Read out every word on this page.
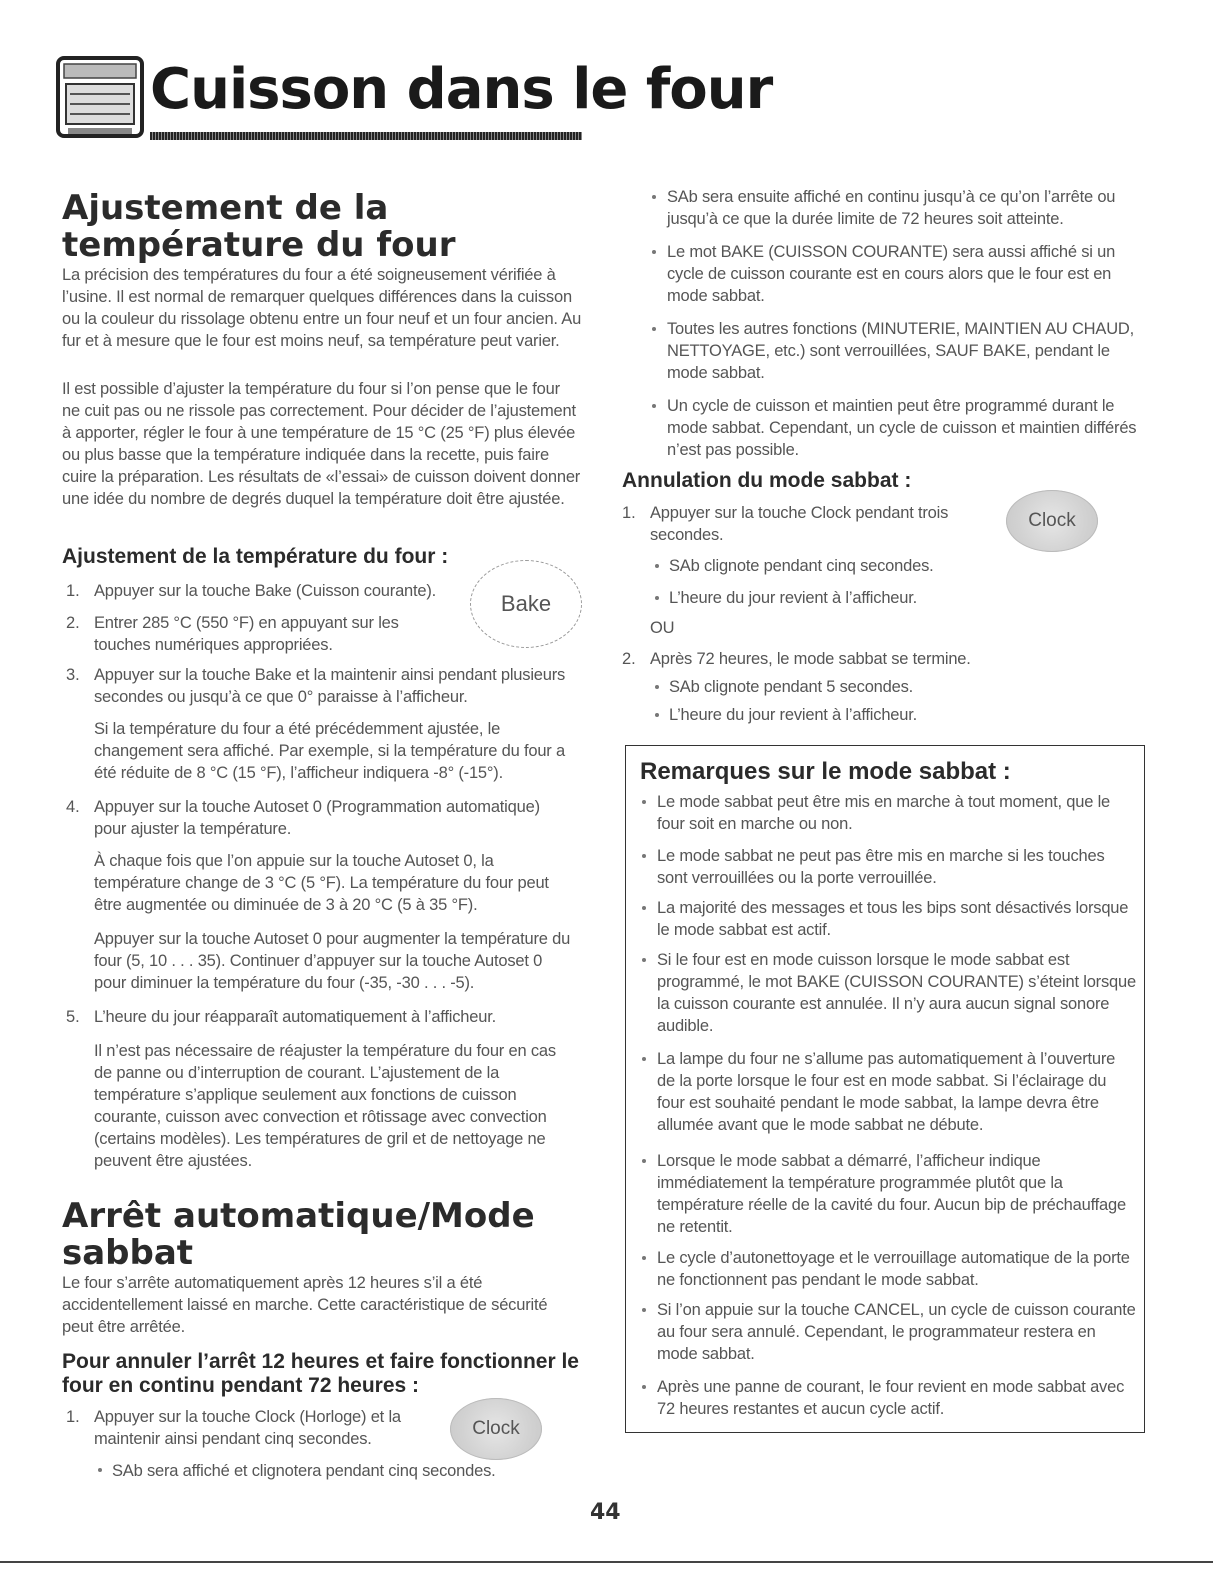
Cuisson dans le four
Ajustement de la température du four

La précision des températures du four a été soigneusement vérifiée à l’usine. Il est normal de remarquer quelques différences dans la cuisson ou la couleur du rissolage obtenu entre un four neuf et un four ancien. Au fur et à mesure que le four est moins neuf, sa température peut varier.

Il est possible d’ajuster la température du four si l’on pense que le four ne cuit pas ou ne rissole pas correctement. Pour décider de l’ajustement à apporter, régler le four à une température de 15 °C (25 °F) plus élevée ou plus basse que la température indiquée dans la recette, puis faire cuire la préparation. Les résultats de «l’essai» de cuisson doivent donner une idée du nombre de degrés duquel la température doit être ajustée.

Ajustement de la température du four :
Bake
1. Appuyer sur la touche Bake (Cuisson courante).

2. Entrer 285 °C (550 °F) en appuyant sur les touches numériques appropriées.

3. Appuyer sur la touche Bake et la maintenir ainsi pendant plusieurs secondes ou jusqu’à ce que 0° paraisse à l’afficheur.

Si la température du four a été précédemment ajustée, le changement sera affiché. Par exemple, si la température du four a été réduite de 8 °C (15 °F), l’afficheur indiquera -8° (-15°).

4. Appuyer sur la touche Autoset 0 (Programmation automatique) pour ajuster la température.

À chaque fois que l’on appuie sur la touche Autoset 0, la température change de 3 °C (5 °F). La température du four peut être augmentée ou diminuée de 3 à 20 °C (5 à 35 °F).

Appuyer sur la touche Autoset 0 pour augmenter la température du four (5, 10 . . . 35). Continuer d’appuyer sur la touche Autoset 0 pour diminuer la température du four (-35, -30 . . . -5).

5. L’heure du jour réapparaît automatiquement à l’afficheur.

Il n’est pas nécessaire de réajuster la température du four en cas de panne ou d’interruption de courant. L’ajustement de la température s’applique seulement aux fonctions de cuisson courante, cuisson avec convection et rôtissage avec convection (certains modèles). Les températures de gril et de nettoyage ne peuvent être ajustées.

Arrêt automatique/Mode sabbat

Le four s’arrête automatiquement après 12 heures s’il a été accidentellement laissé en marche. Cette caractéristique de sécurité peut être arrêtée.

Pour annuler l’arrêt 12 heures et faire fonctionner le four en continu pendant 72 heures :
Clock
1. Appuyer sur la touche Clock (Horloge) et la maintenir ainsi pendant cinq secondes.

SAb sera affiché et clignotera pendant cinq secondes.

SAb sera ensuite affiché en continu jusqu’à ce qu’on l’arrête ou jusqu’à ce que la durée limite de 72 heures soit atteinte.

Le mot BAKE (CUISSON COURANTE) sera aussi affiché si un cycle de cuisson courante est en cours alors que le four est en mode sabbat.

Toutes les autres fonctions (MINUTERIE, MAINTIEN AU CHAUD, NETTOYAGE, etc.) sont verrouillées, SAUF BAKE, pendant le mode sabbat.

Un cycle de cuisson et maintien peut être programmé durant le mode sabbat. Cependant, un cycle de cuisson et maintien différés n’est pas possible.

Annulation du mode sabbat :
Clock
1. Appuyer sur la touche Clock pendant trois secondes.

SAb clignote pendant cinq secondes.

L’heure du jour revient à l’afficheur.

OU

2. Après 72 heures, le mode sabbat se termine.

SAb clignote pendant 5 secondes.

L’heure du jour revient à l’afficheur.

Remarques sur le mode sabbat :

Le mode sabbat peut être mis en marche à tout moment, que le four soit en marche ou non.

Le mode sabbat ne peut pas être mis en marche si les touches sont verrouillées ou la porte verrouillée.

La majorité des messages et tous les bips sont désactivés lorsque le mode sabbat est actif.

Si le four est en mode cuisson lorsque le mode sabbat est programmé, le mot BAKE (CUISSON COURANTE) s’éteint lorsque la cuisson courante est annulée. Il n’y aura aucun signal sonore audible.

La lampe du four ne s’allume pas automatiquement à l’ouverture de la porte lorsque le four est en mode sabbat. Si l’éclairage du four est souhaité pendant le mode sabbat, la lampe devra être allumée avant que le mode sabbat ne débute.

Lorsque le mode sabbat a démarré, l’afficheur indique immédiatement la température programmée plutôt que la température réelle de la cavité du four. Aucun bip de préchauffage ne retentit.

Le cycle d’autonettoyage et le verrouillage automatique de la porte ne fonctionnent pas pendant le mode sabbat.

Si l’on appuie sur la touche CANCEL, un cycle de cuisson courante au four sera annulé. Cependant, le programmateur restera en mode sabbat.

Après une panne de courant, le four revient en mode sabbat avec 72 heures restantes et aucun cycle actif.

44
